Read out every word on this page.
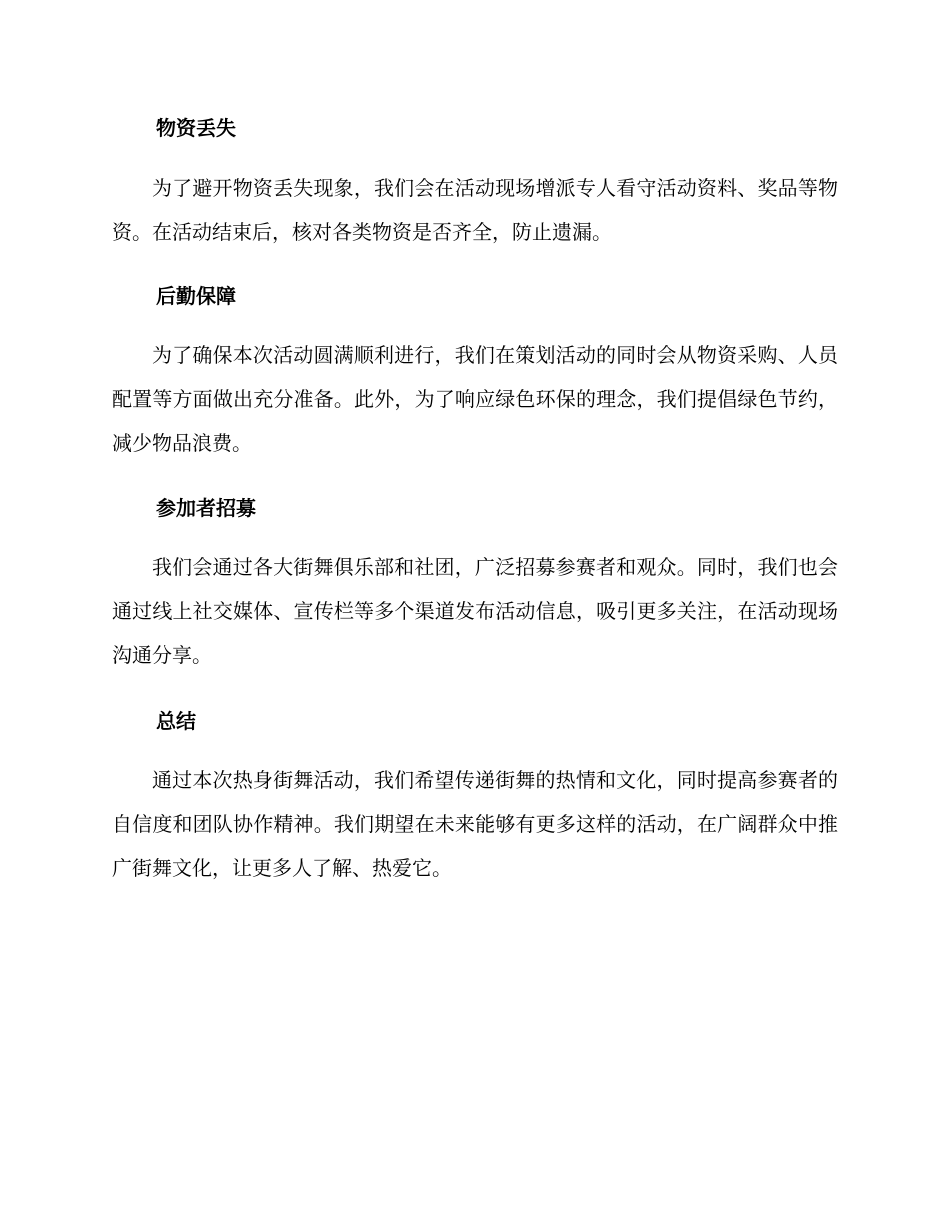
物资丢失

为了避开物资丢失现象，我们会在活动现场增派专人看守活动资料、奖品等物资。在活动结束后，核对各类物资是否齐全，防止遗漏。

后勤保障

为了确保本次活动圆满顺利进行，我们在策划活动的同时会从物资采购、人员配置等方面做出充分准备。此外，为了响应绿色环保的理念，我们提倡绿色节约，减少物品浪费。

参加者招募

我们会通过各大街舞俱乐部和社团，广泛招募参赛者和观众。同时，我们也会通过线上社交媒体、宣传栏等多个渠道发布活动信息，吸引更多关注，在活动现场沟通分享。

总结

通过本次热身街舞活动，我们希望传递街舞的热情和文化，同时提高参赛者的自信度和团队协作精神。我们期望在未来能够有更多这样的活动，在广阔群众中推广街舞文化，让更多人了解、热爱它。
